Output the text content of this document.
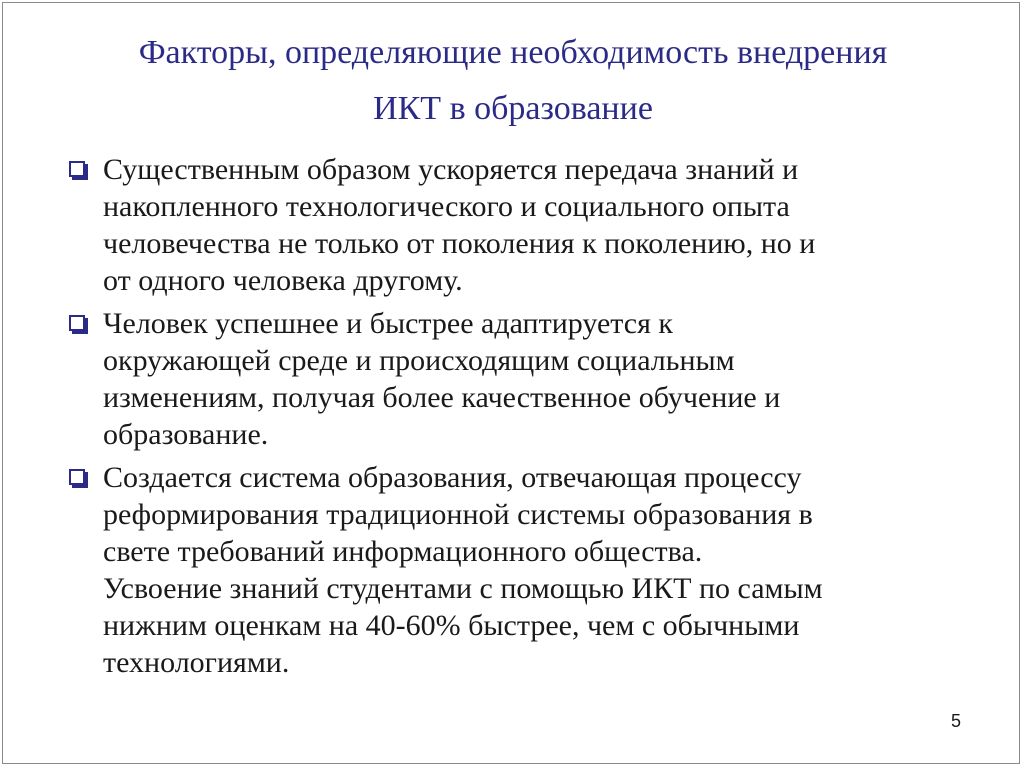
Факторы, определяющие необходимость внедрения
ИКТ в образование
Существенным образом ускоряется передача знаний и
накопленного технологического и социального опыта
человечества не только от поколения к поколению, но и
от одного человека другому.
Человек успешнее и быстрее адаптируется к
окружающей среде и происходящим социальным
изменениям, получая более качественное обучение и
образование.
Создается система образования, отвечающая процессу
реформирования традиционной системы образования в
свете требований информационного общества.
Усвоение знаний студентами с помощью ИКТ по самым
нижним оценкам на 40-60% быстрее, чем с обычными
технологиями.
5
